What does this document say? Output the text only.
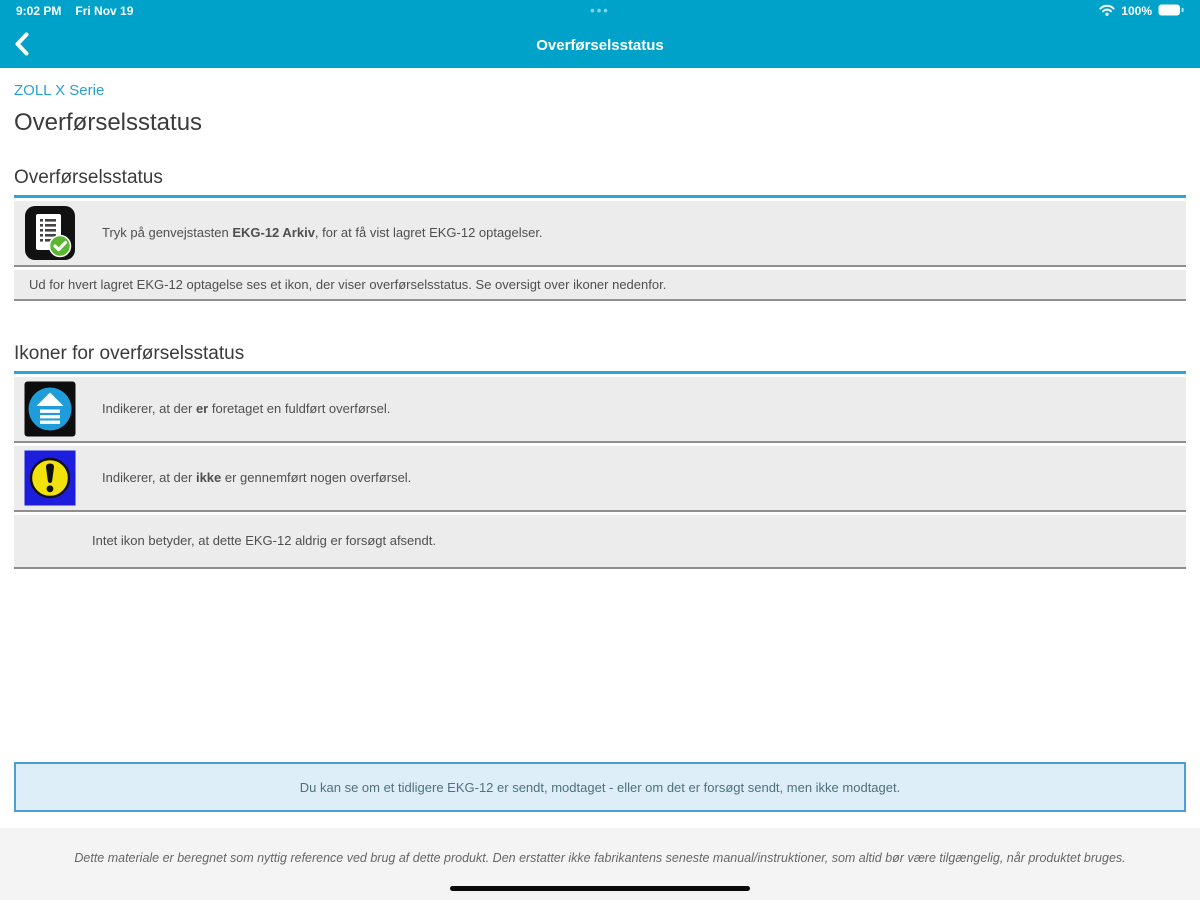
9:02 PM Fri Nov 19	•••	100%
Overførselsstatus
ZOLL X Serie
Overførselsstatus
Overførselsstatus
Tryk på genvejstasten EKG-12 Arkiv, for at få vist lagret EKG-12 optagelser.
Ud for hvert lagret EKG-12 optagelse ses et ikon, der viser overførselsstatus. Se oversigt over ikoner nedenfor.
Ikoner for overførselsstatus
Indikerer, at der er foretaget en fuldført overførsel.
Indikerer, at der ikke er gennemført nogen overførsel.
Intet ikon betyder, at dette EKG-12 aldrig er forsøgt afsendt.
Du kan se om et tidligere EKG-12 er sendt, modtaget - eller om det er forsøgt sendt, men ikke modtaget.
Dette materiale er beregnet som nyttig reference ved brug af dette produkt. Den erstatter ikke fabrikantens seneste manual/instruktioner, som altid bør være tilgængelig, når produktet bruges.
